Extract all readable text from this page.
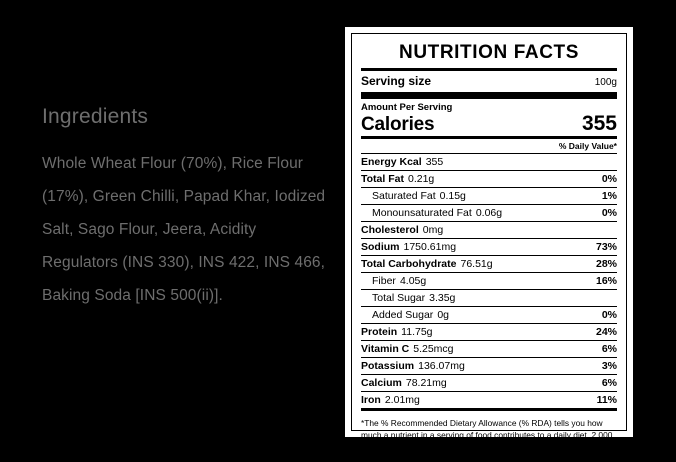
Ingredients
Whole Wheat Flour (70%), Rice Flour (17%), Green Chilli, Papad Khar, Iodized Salt, Sago Flour, Jeera, Acidity Regulators (INS 330), INS 422, INS 466, Baking Soda [INS 500(ii)].
NUTRITION FACTS
Serving size	100g
Amount Per Serving
Calories	355
% Daily Value*
Energy Kcal 355
Total Fat 0.21g	0%
Saturated Fat 0.15g	1%
Monounsaturated Fat 0.06g	0%
Cholesterol 0mg
Sodium 1750.61mg	73%
Total Carbohydrate 76.51g	28%
Fiber 4.05g	16%
Total Sugar 3.35g
Added Sugar 0g	0%
Protein 11.75g	24%
Vitamin C 5.25mcg	6%
Potassium 136.07mg	3%
Calcium 78.21mg	6%
Iron 2.01mg	11%
*The % Recommended Dietary Allowance (% RDA) tells you how much a nutrient in a serving of food contributes to a daily diet. 2,000 Kcal Energy a day is used for general nutrition advice.
